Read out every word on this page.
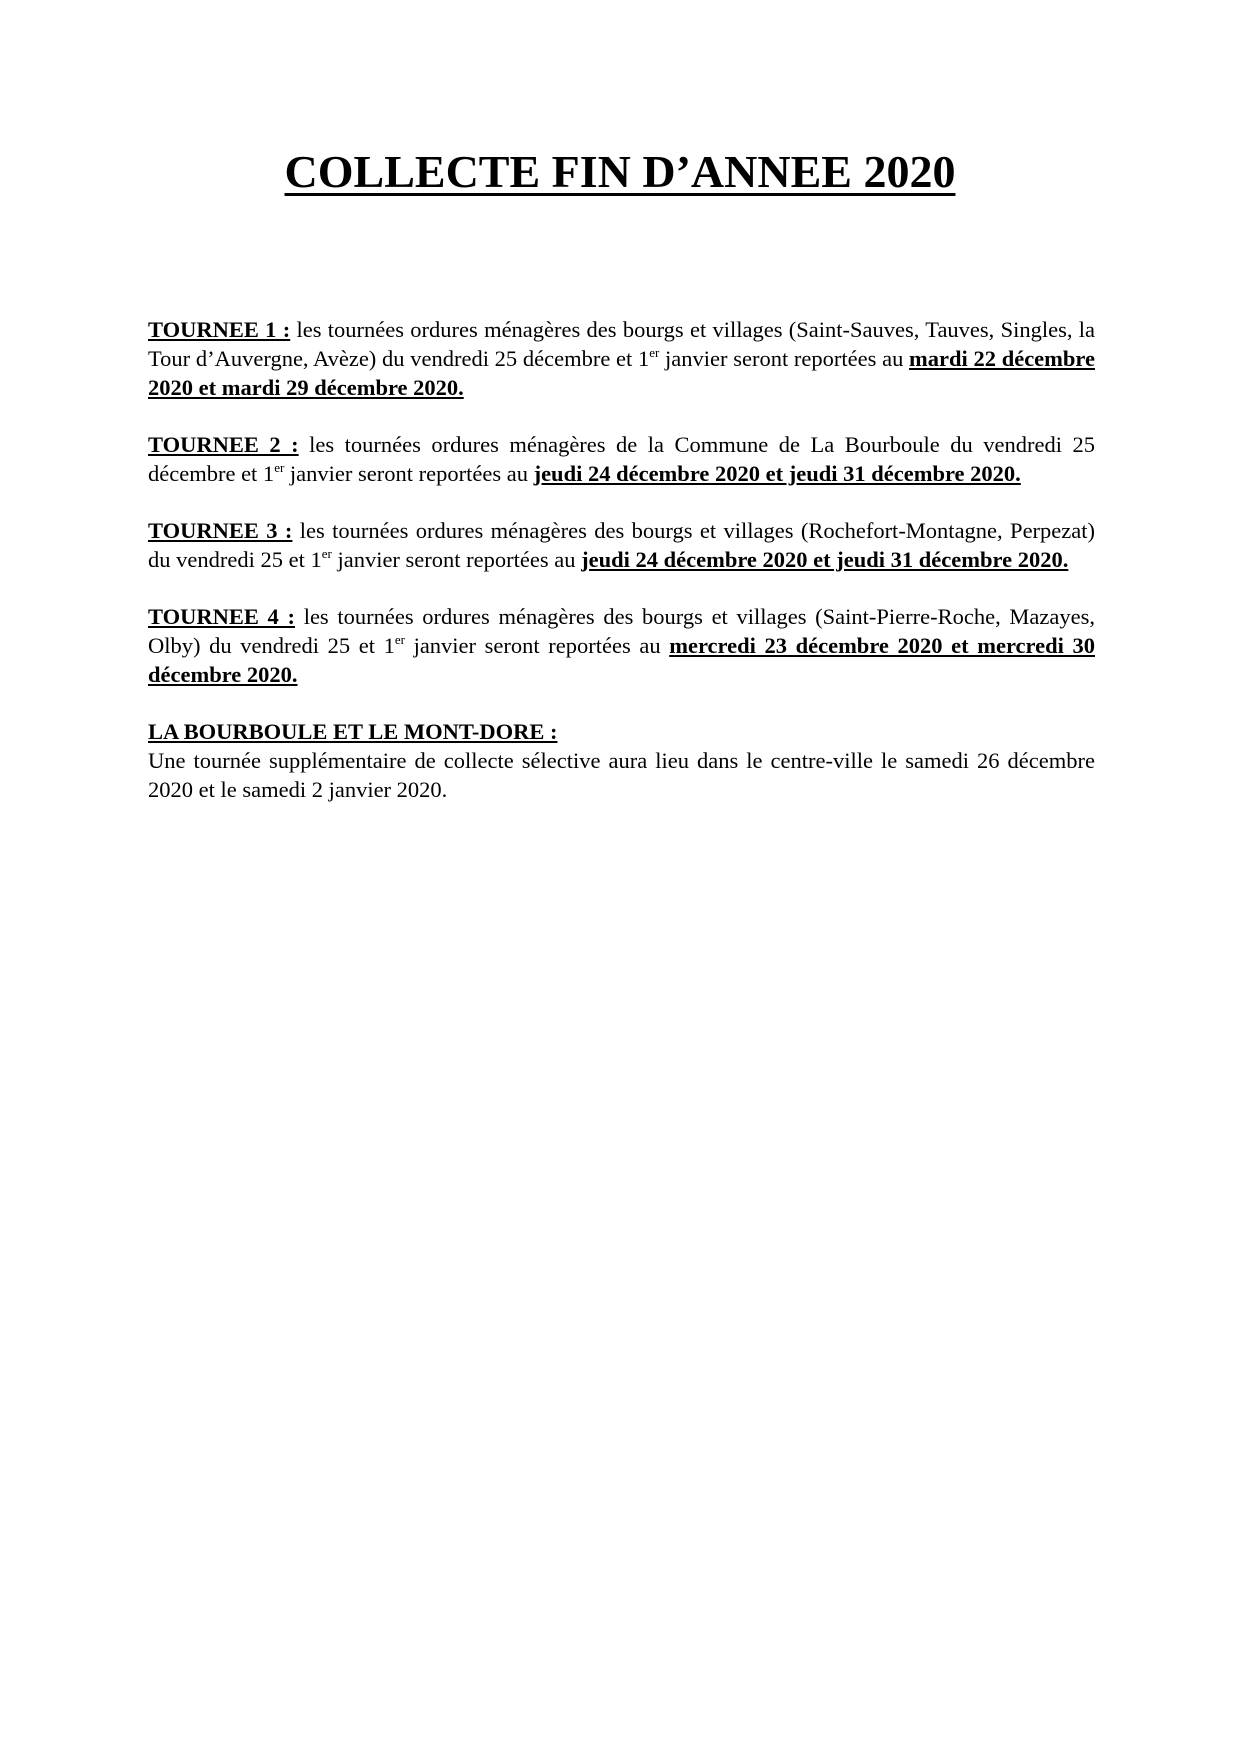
COLLECTE FIN D’ANNEE 2020

TOURNEE 1 : les tournées ordures ménagères des bourgs et villages (Saint-Sauves, Tauves, Singles, la Tour d’Auvergne, Avèze) du vendredi 25 décembre et 1er janvier seront reportées au mardi 22 décembre 2020 et mardi 29 décembre 2020.

TOURNEE 2 : les tournées ordures ménagères de la Commune de La Bourboule du vendredi 25 décembre et 1er janvier seront reportées au jeudi 24 décembre 2020 et jeudi 31 décembre 2020.

TOURNEE 3 : les tournées ordures ménagères des bourgs et villages (Rochefort-Montagne, Perpezat) du vendredi 25 et 1er janvier seront reportées au jeudi 24 décembre 2020 et jeudi 31 décembre 2020.

TOURNEE 4 : les tournées ordures ménagères des bourgs et villages (Saint-Pierre-Roche, Mazayes, Olby) du vendredi 25 et 1er janvier seront reportées au mercredi 23 décembre 2020 et mercredi 30 décembre 2020.

LA BOURBOULE ET LE MONT-DORE :
Une tournée supplémentaire de collecte sélective aura lieu dans le centre-ville le samedi 26 décembre 2020 et le samedi 2 janvier 2020.
